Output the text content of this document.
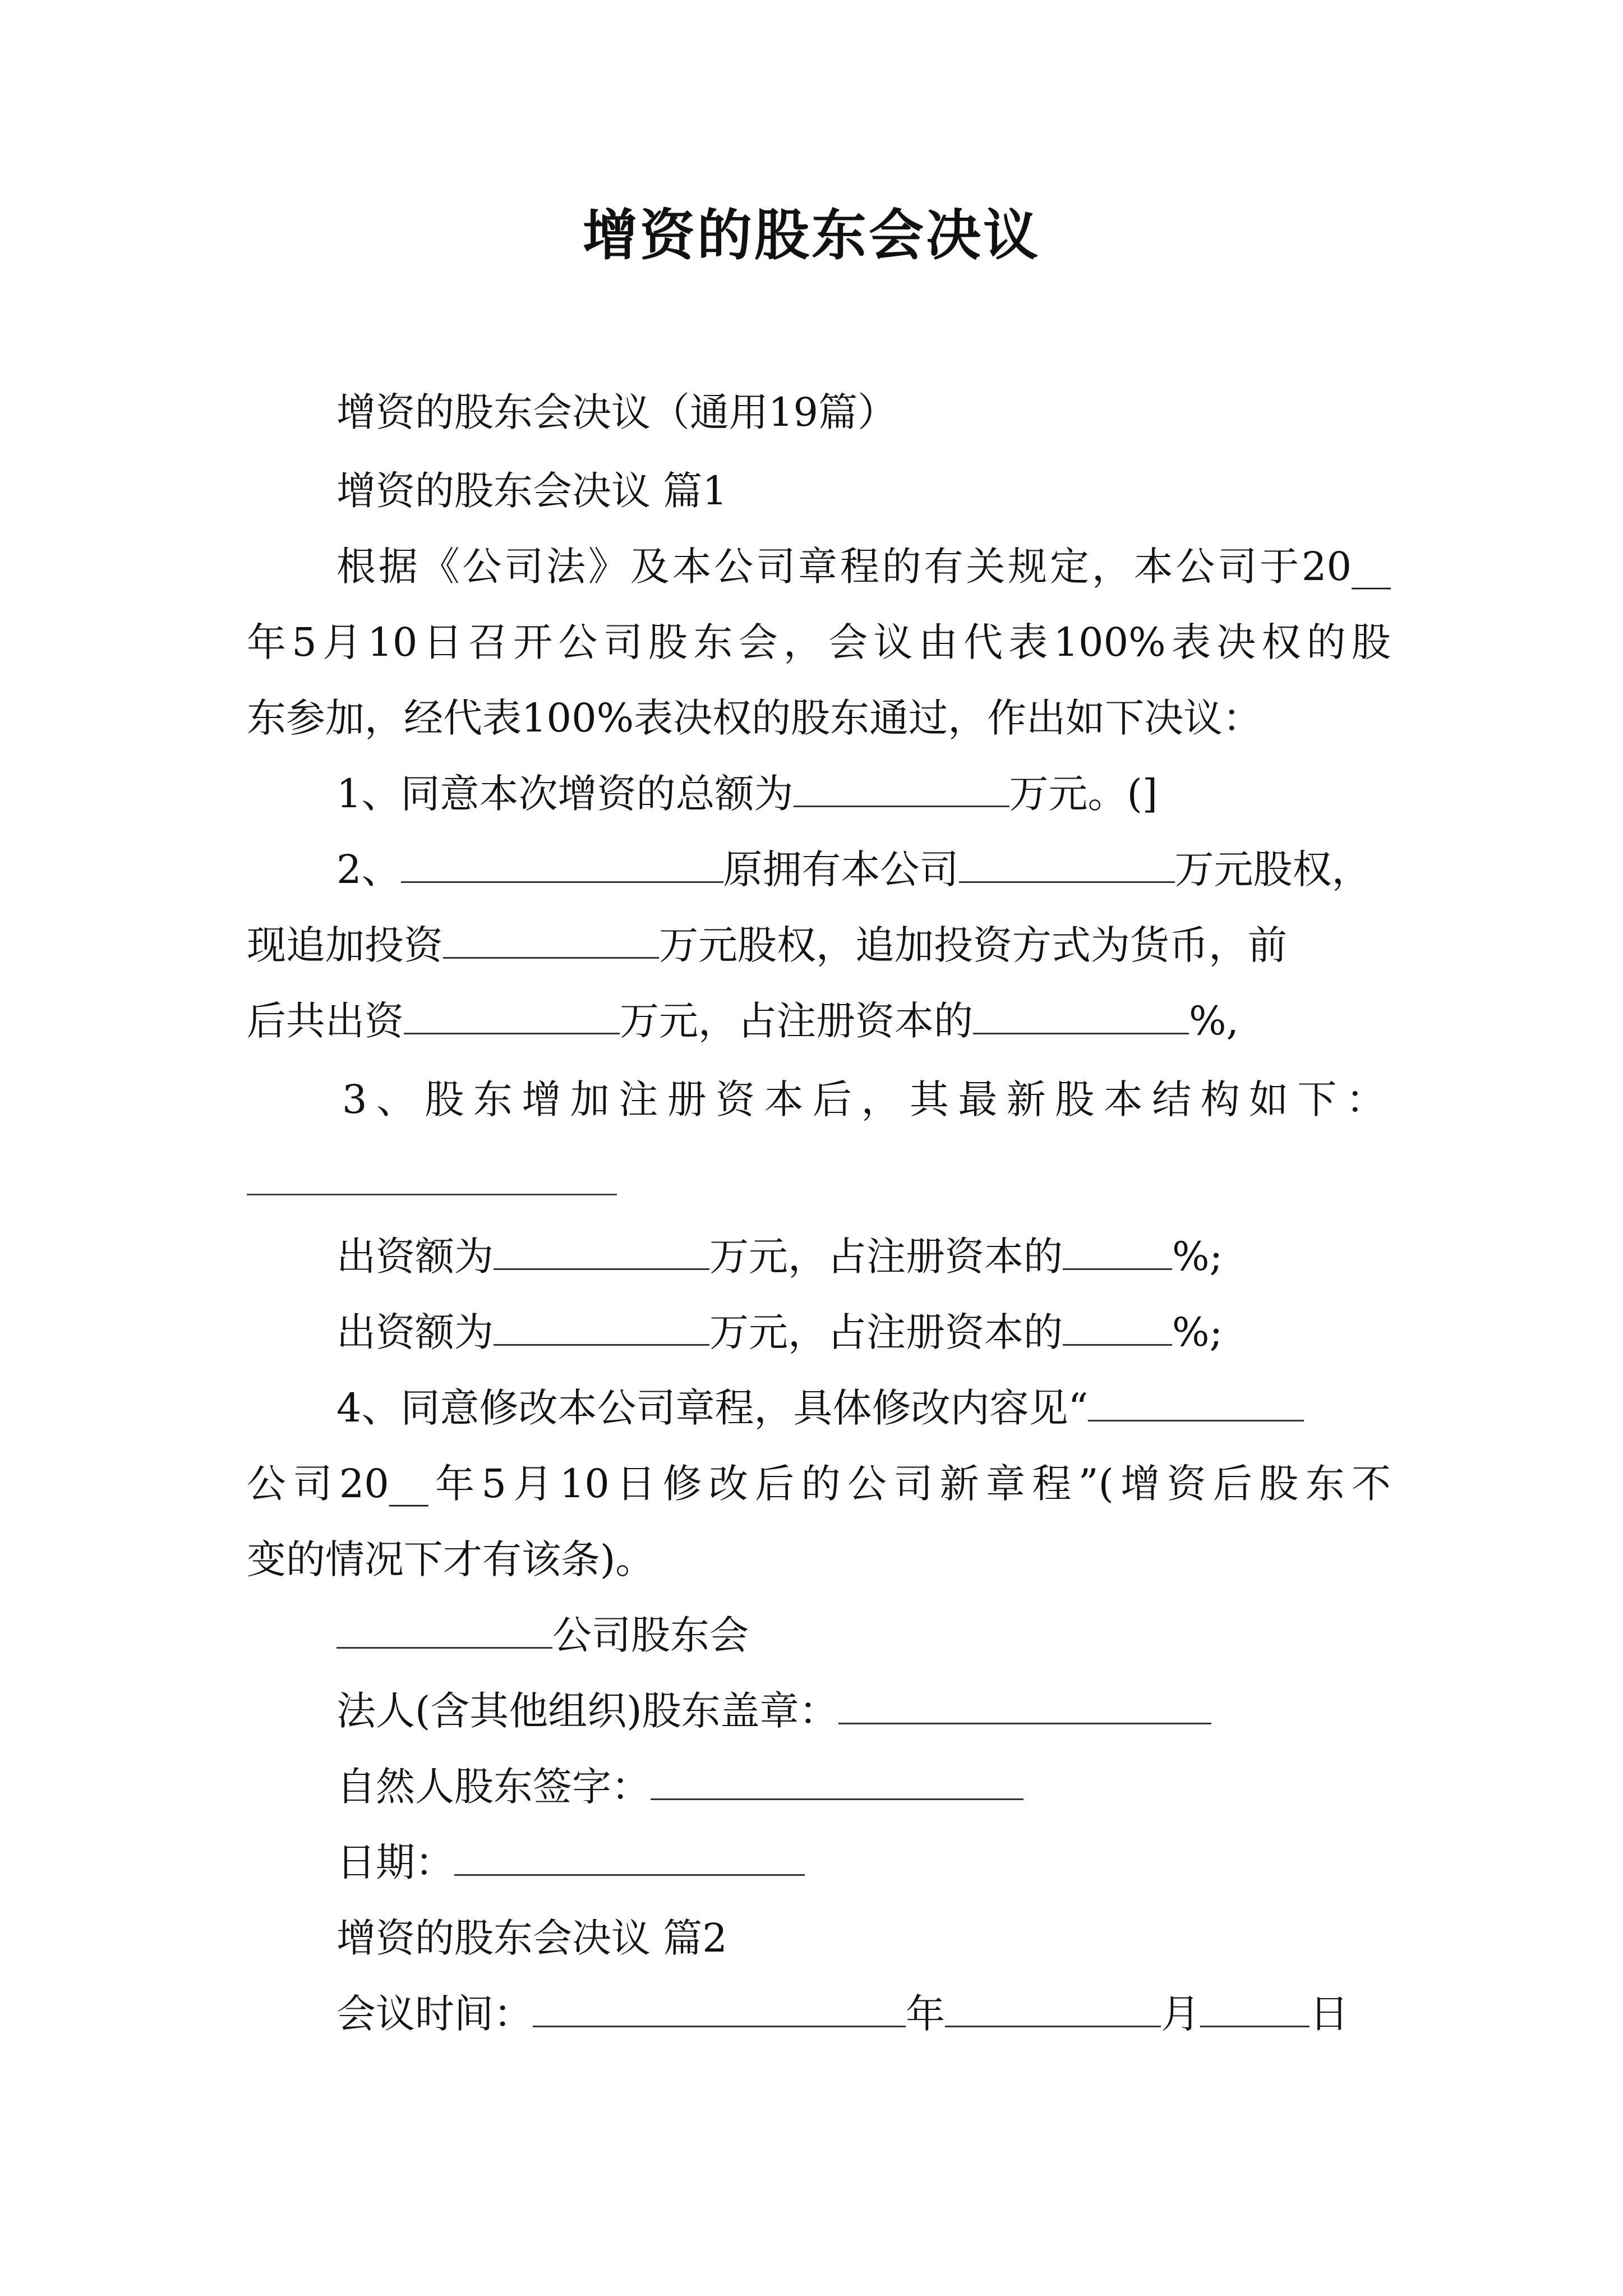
增资的股东会决议
增资的股东会决议（通用19篇）
增资的股东会决议 篇1
根据《公司法》及本公司章程的有关规定，本公司于20__
年5月10日召开公司股东会，会议由代表100%表决权的股
东参加，经代表100%表决权的股东通过，作出如下决议：
1、同意本次增资的总额为	万元。(]
2、	原拥有本公司	万元股权，
现追加投资	万元股权，追加投资方式为货币，前
后共出资	万元，占注册资本的	%,
3、股东增加注册资本后，其最新股本结构如下：
出资额为	万元，占注册资本的	%;
出资额为	万元，占注册资本的	%;
4、同意修改本公司章程，具体修改内容见“
公司20__年5月10日修改后的公司新章程”(增资后股东不
变的情况下才有该条)。
公司股东会
法人(含其他组织)股东盖章：
自然人股东签字：
日期：
增资的股东会决议 篇2
会议时间：	年	月	日
